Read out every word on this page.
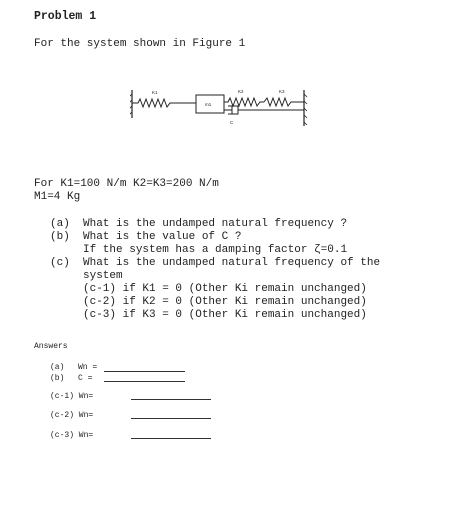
Problem 1
For the system shown in Figure 1
K1
m1
K2	K3
C
For K1=100 N/m K2=K3=200 N/m
M1=4 Kg
(a)  What is the undamped natural frequency ?
(b)  What is the value of C ?
If the system has a damping factor ζ=0.1
(c)  What is the undamped natural frequency of the
system
(c-1) if K1 = 0 (Other Ki remain unchanged)
(c-2) if K2 = 0 (Other Ki remain unchanged)
(c-3) if K3 = 0 (Other Ki remain unchanged)
Answers
(a) Wn =
(b) C =
(c-1) Wn=
(c-2) Wn=
(c-3) Wn=
